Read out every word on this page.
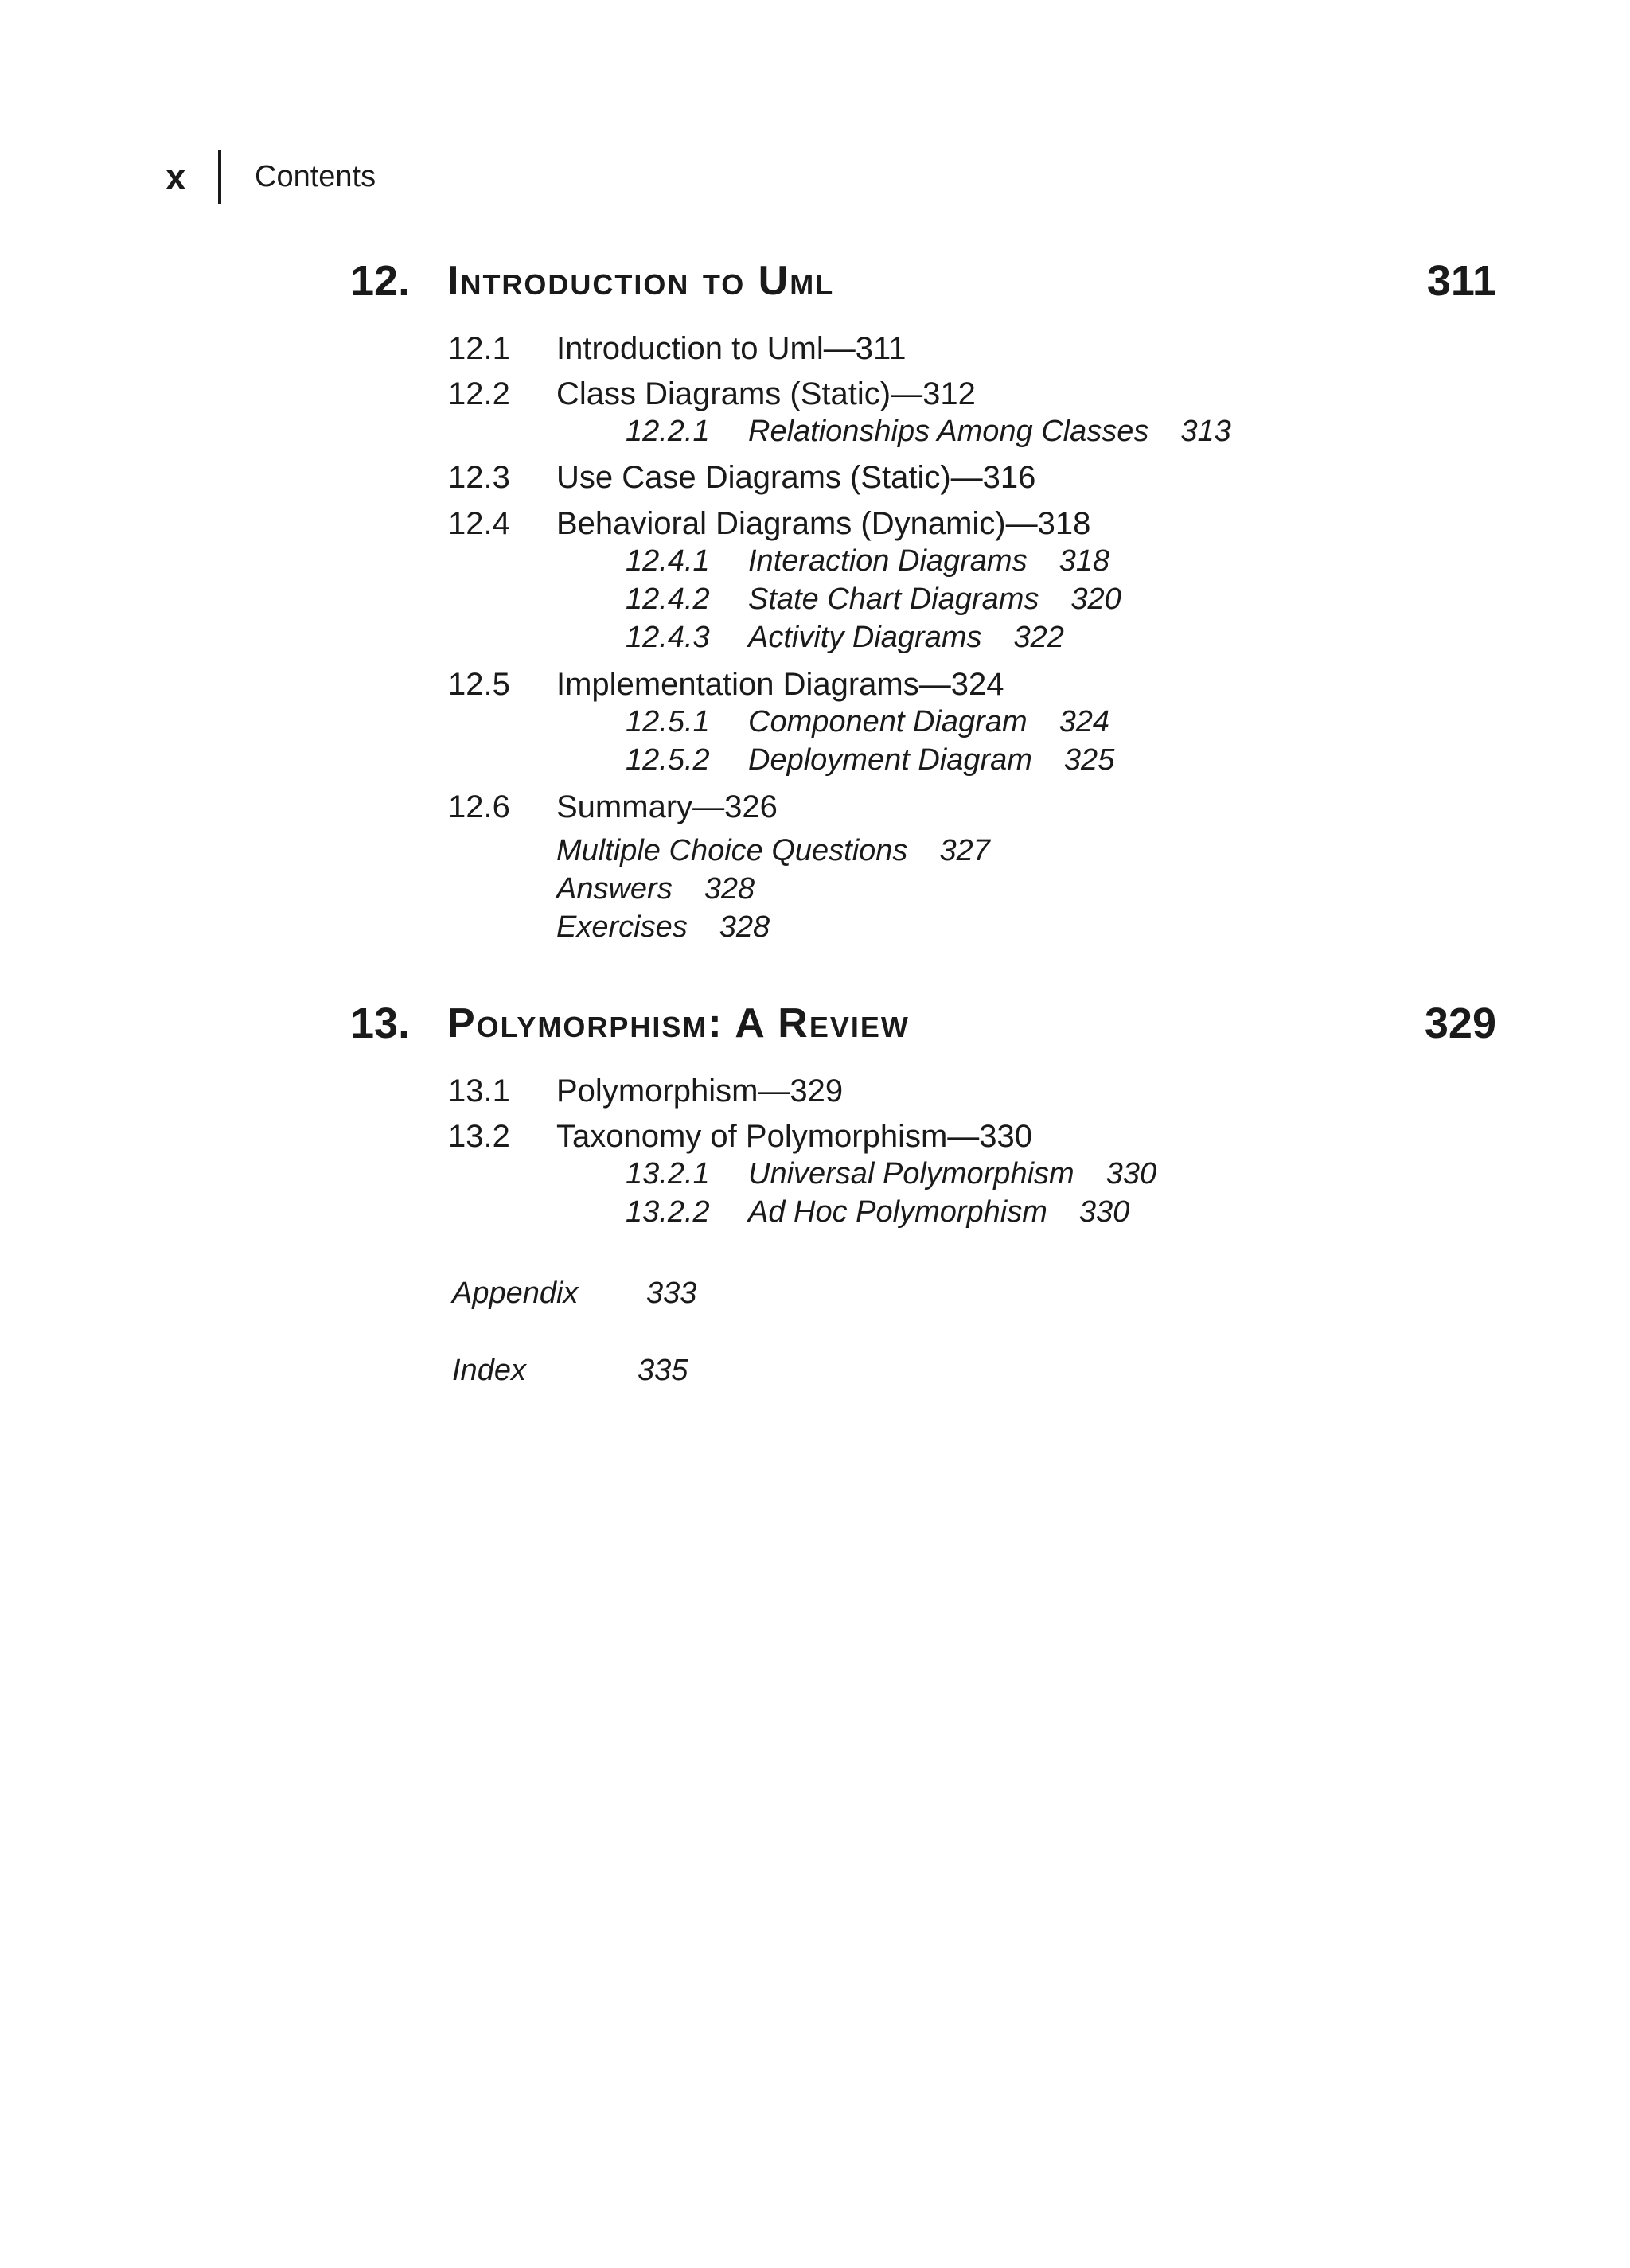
x Contents
12. Introduction to Uml	311
12.1 Introduction to Uml—311
12.2 Class Diagrams (Static)—312
12.2.1 Relationships Among Classes 313
12.3 Use Case Diagrams (Static)—316
12.4 Behavioral Diagrams (Dynamic)—318
12.4.1 Interaction Diagrams 318
12.4.2 State Chart Diagrams 320
12.4.3 Activity Diagrams 322
12.5 Implementation Diagrams—324
12.5.1 Component Diagram 324
12.5.2 Deployment Diagram 325
12.6 Summary—326
Multiple Choice Questions 327
Answers 328
Exercises 328
13. Polymorphism: A Review	329
13.1 Polymorphism—329
13.2 Taxonomy of Polymorphism—330
13.2.1 Universal Polymorphism 330
13.2.2 Ad Hoc Polymorphism 330
Appendix 333
Index	335
